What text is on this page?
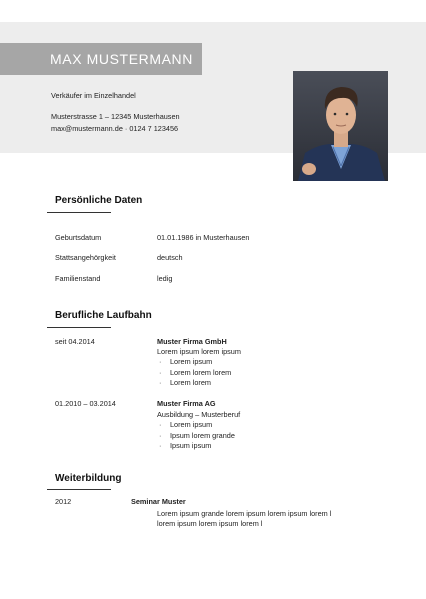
MAX MUSTERMANN
Verkäufer im Einzelhandel
Musterstrasse 1 – 12345 Musterhausen
max@mustermann.de · 0124 7 123456
Persönliche Daten
Geburtsdatum	01.01.1986 in Musterhausen
Stattsangehörgkeit	deutsch
Familienstand	ledig
Berufliche Laufbahn
seit 04.2014	Muster Firma GmbH
Lorem ipsum lorem ipsum
· Lorem ipsum
· Lorem lorem lorem
· Lorem lorem
01.2010 – 03.2014	Muster Firma AG
Ausbildung – Musterberuf
· Lorem ipsum
· Ipsum lorem grande
· Ipsum ipsum
Weiterbildung
2012	Seminar Muster
Lorem ipsum grande lorem ipsum lorem ipsum lorem l
lorem ipsum lorem ipsum lorem l
